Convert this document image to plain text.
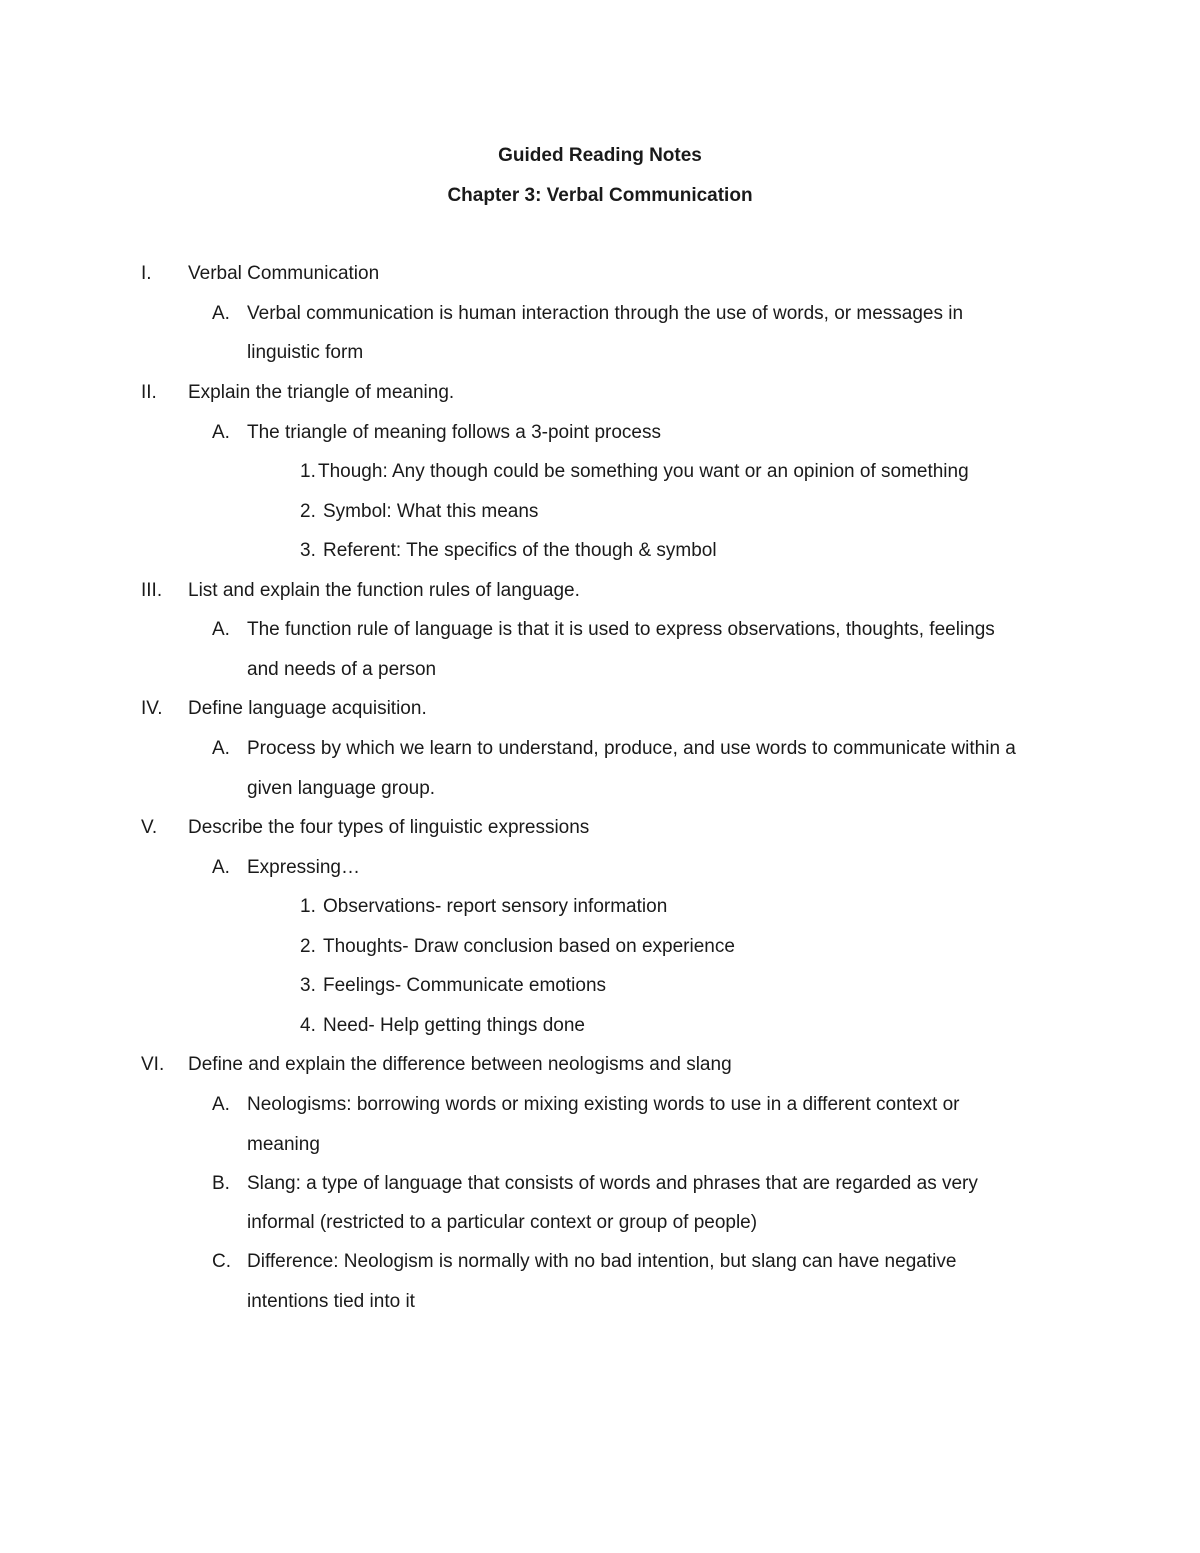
Guided Reading Notes
Chapter 3: Verbal Communication
I. Verbal Communication
A. Verbal communication is human interaction through the use of words, or messages in
linguistic form
II. Explain the triangle of meaning.
A. The triangle of meaning follows a 3-point process
1. Though: Any though could be something you want or an opinion of something
2. Symbol: What this means
3. Referent: The specifics of the though & symbol
III. List and explain the function rules of language.
A. The function rule of language is that it is used to express observations, thoughts, feelings
and needs of a person
IV. Define language acquisition.
A. Process by which we learn to understand, produce, and use words to communicate within a
given language group.
V. Describe the four types of linguistic expressions
A. Expressing…
1. Observations- report sensory information
2. Thoughts- Draw conclusion based on experience
3. Feelings- Communicate emotions
4. Need- Help getting things done
VI. Define and explain the difference between neologisms and slang
A. Neologisms: borrowing words or mixing existing words to use in a different context or
meaning
B. Slang: a type of language that consists of words and phrases that are regarded as very
informal (restricted to a particular context or group of people)
C. Difference: Neologism is normally with no bad intention, but slang can have negative
intentions tied into it
